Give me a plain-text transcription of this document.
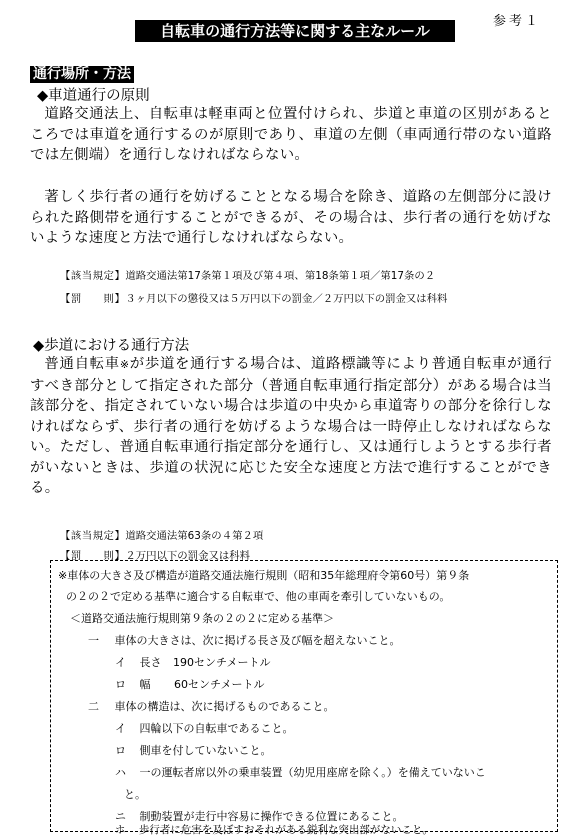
参考１
自転車の通行方法等に関する主なルール
通行場所・方法
◆車道通行の原則
道路交通法上、自転車は軽車両と位置付けられ、歩道と車道の区別があるところでは車道を通行するのが原則であり、車道の左側（車両通行帯のない道路では左側端）を通行しなければならない。
著しく歩行者の通行を妨げることとなる場合を除き、道路の左側部分に設けられた路側帯を通行することができるが、その場合は、歩行者の通行を妨げないような速度と方法で通行しなければならない。
【該当規定】道路交通法第17条第１項及び第４項、第18条第１項／第17条の２
【罰　　則】３ヶ月以下の懲役又は５万円以下の罰金／２万円以下の罰金又は科料
◆歩道における通行方法
普通自転車※が歩道を通行する場合は、道路標識等により普通自転車が通行すべき部分として指定された部分（普通自転車通行指定部分）がある場合は当該部分を、指定されていない場合は歩道の中央から車道寄りの部分を徐行しなければならず、歩行者の通行を妨げるような場合は一時停止しなければならない。ただし、普通自転車通行指定部分を通行し、又は通行しようとする歩行者がいないときは、歩道の状況に応じた安全な速度と方法で進行することができる。
【該当規定】道路交通法第63条の４第２項
【罰　　則】２万円以下の罰金又は科料
※車体の大きさ及び構造が道路交通法施行規則（昭和35年総理府令第60号）第９条
の２の２で定める基準に適合する自転車で、他の車両を牽引していないもの。
＜道路交通法施行規則第９条の２の２に定める基準＞
一 車体の大きさは、次に掲げる長さ及び幅を超えないこと。
イ 長さ 190センチメートル
ロ 幅 60センチメートル
二 車体の構造は、次に掲げるものであること。
イ 四輪以下の自転車であること。
ロ 側車を付していないこと。
ハ 一の運転者席以外の乗車装置（幼児用座席を除く。）を備えていないこ
と。
ニ 制動装置が走行中容易に操作できる位置にあること。
ホ 歩行者に危害を及ぼすおそれがある鋭利な突出部がないこと。
